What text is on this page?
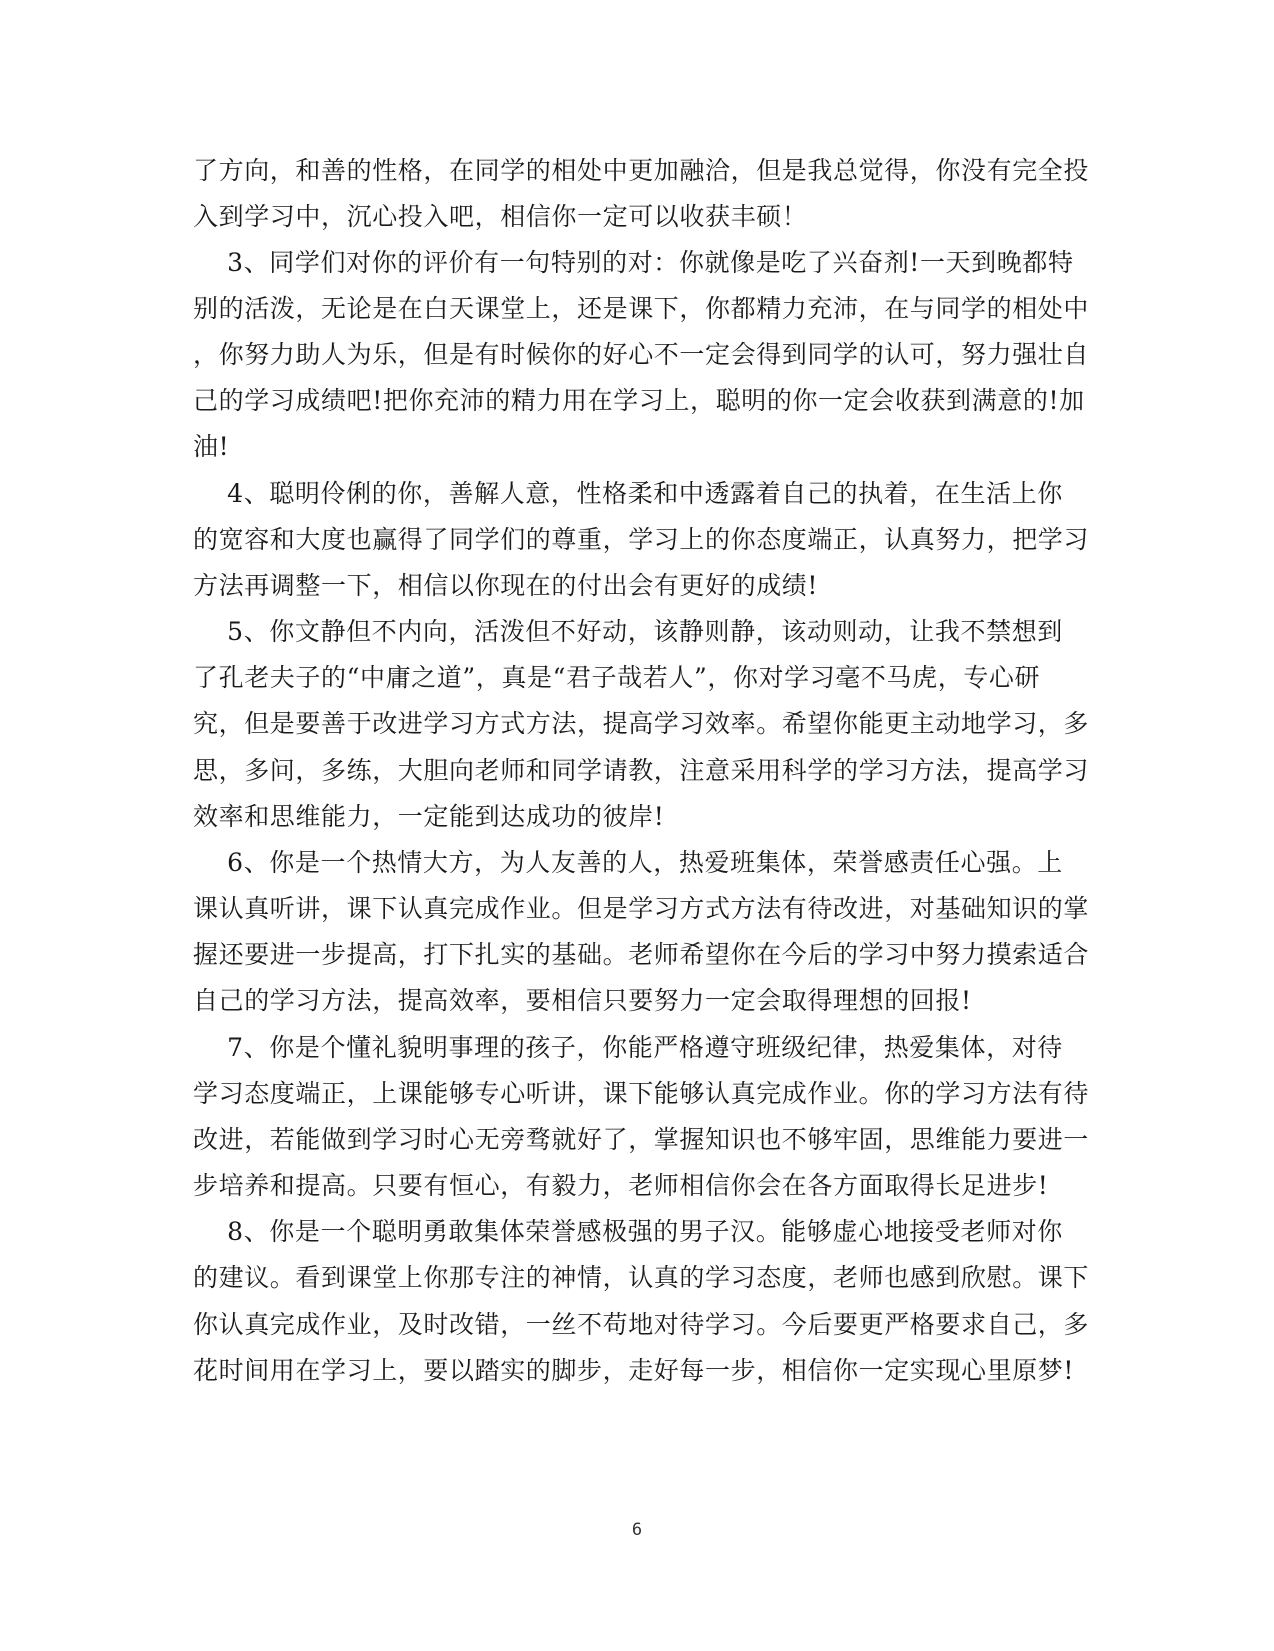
了方向，和善的性格，在同学的相处中更加融洽，但是我总觉得，你没有完全投
入到学习中，沉心投入吧，相信你一定可以收获丰硕！
3、同学们对你的评价有一句特别的对：你就像是吃了兴奋剂!一天到晚都特
别的活泼，无论是在白天课堂上，还是课下，你都精力充沛，在与同学的相处中
，你努力助人为乐，但是有时候你的好心不一定会得到同学的认可，努力强壮自
己的学习成绩吧!把你充沛的精力用在学习上，聪明的你一定会收获到满意的!加
油!
4、聪明伶俐的你，善解人意，性格柔和中透露着自己的执着，在生活上你
的宽容和大度也赢得了同学们的尊重，学习上的你态度端正，认真努力，把学习
方法再调整一下，相信以你现在的付出会有更好的成绩!
5、你文静但不内向，活泼但不好动，该静则静，该动则动，让我不禁想到
了孔老夫子的“中庸之道”，真是“君子哉若人”，你对学习毫不马虎，专心研
究，但是要善于改进学习方式方法，提高学习效率。希望你能更主动地学习，多
思，多问，多练，大胆向老师和同学请教，注意采用科学的学习方法，提高学习
效率和思维能力，一定能到达成功的彼岸!
6、你是一个热情大方，为人友善的人，热爱班集体，荣誉感责任心强。上
课认真听讲，课下认真完成作业。但是学习方式方法有待改进，对基础知识的掌
握还要进一步提高，打下扎实的基础。老师希望你在今后的学习中努力摸索适合
自己的学习方法，提高效率，要相信只要努力一定会取得理想的回报!
7、你是个懂礼貌明事理的孩子，你能严格遵守班级纪律，热爱集体，对待
学习态度端正，上课能够专心听讲，课下能够认真完成作业。你的学习方法有待
改进，若能做到学习时心无旁骛就好了，掌握知识也不够牢固，思维能力要进一
步培养和提高。只要有恒心，有毅力，老师相信你会在各方面取得长足进步!
8、你是一个聪明勇敢集体荣誉感极强的男子汉。能够虚心地接受老师对你
的建议。看到课堂上你那专注的神情，认真的学习态度，老师也感到欣慰。课下
你认真完成作业，及时改错，一丝不苟地对待学习。今后要更严格要求自己，多
花时间用在学习上，要以踏实的脚步，走好每一步，相信你一定实现心里原梦!
6
